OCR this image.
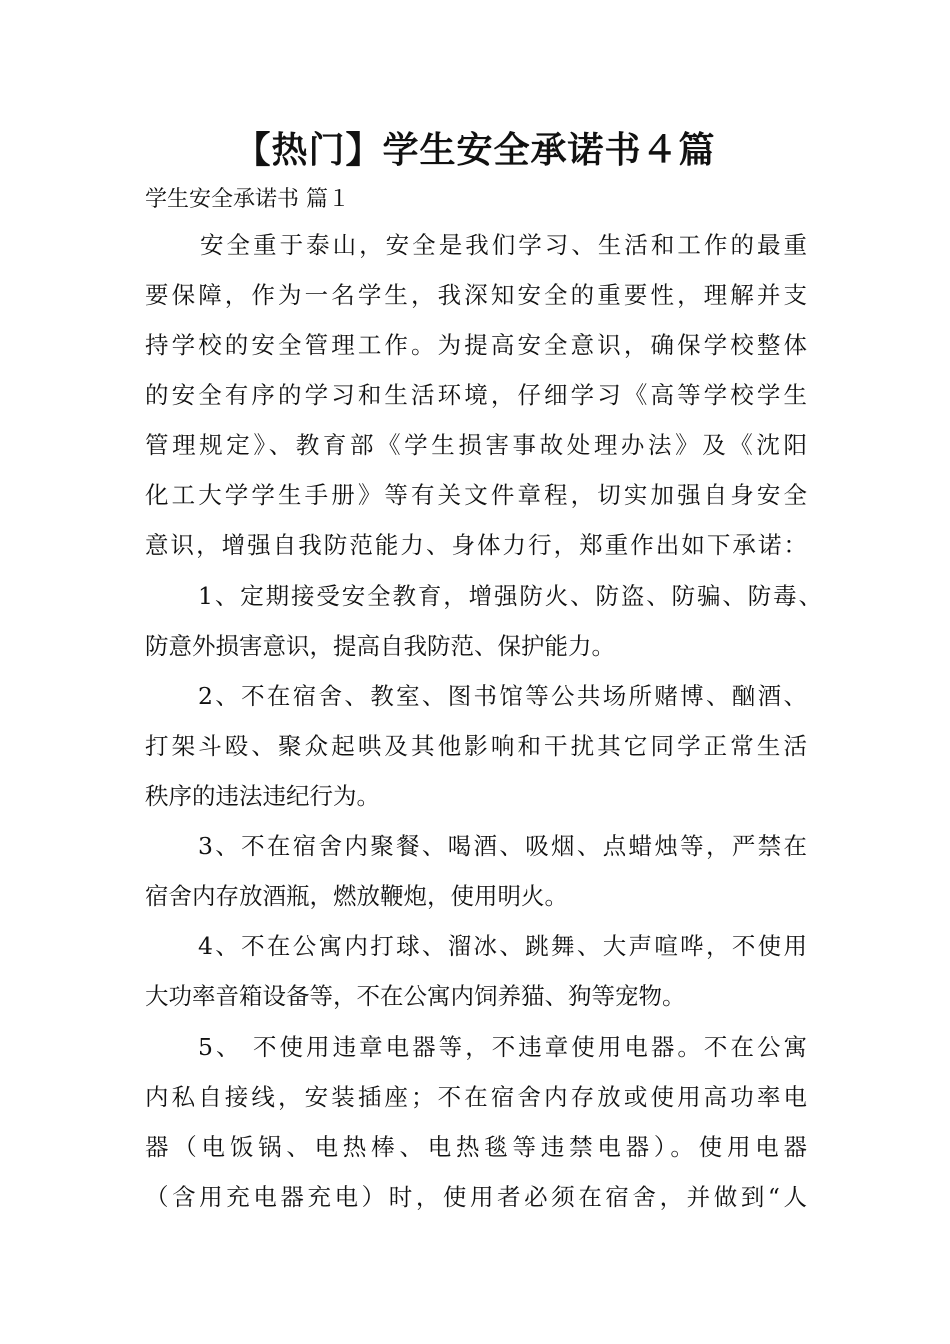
【热门】学生安全承诺书４篇
学生安全承诺书 篇１
安全重于泰山，安全是我们学习、生活和工作的最重
要保障，作为一名学生，我深知安全的重要性，理解并支
持学校的安全管理工作。为提高安全意识，确保学校整体
的安全有序的学习和生活环境，仔细学习《高等学校学生
管理规定》、教育部《学生损害事故处理办法》及《沈阳
化工大学学生手册》等有关文件章程，切实加强自身安全
意识，增强自我防范能力、身体力行，郑重作出如下承诺：
1、定期接受安全教育，增强防火、防盗、防骗、防毒、
防意外损害意识，提高自我防范、保护能力。
2、不在宿舍、教室、图书馆等公共场所赌博、酗酒、
打架斗殴、聚众起哄及其他影响和干扰其它同学正常生活
秩序的违法违纪行为。
3、不在宿舍内聚餐、喝酒、吸烟、点蜡烛等，严禁在
宿舍内存放酒瓶，燃放鞭炮，使用明火。
4、不在公寓内打球、溜冰、跳舞、大声喧哗，不使用
大功率音箱设备等，不在公寓内饲养猫、狗等宠物。
5、 不使用违章电器等，不违章使用电器。不在公寓
内私自接线，安装插座；不在宿舍内存放或使用高功率电
器（电饭锅、电热棒、电热毯等违禁电器）。使用电器
（含用充电器充电）时，使用者必须在宿舍，并做到“人
